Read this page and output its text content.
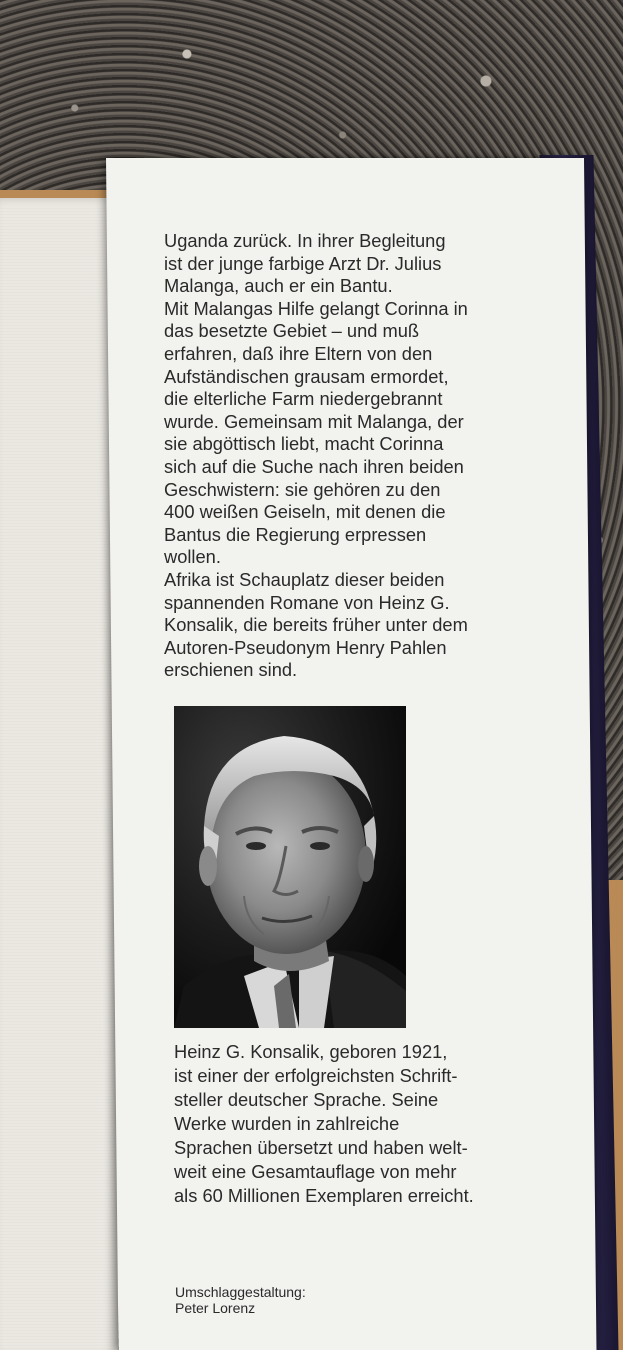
Uganda zurück. In ihrer Begleitung
ist der junge farbige Arzt Dr. Julius
Malanga, auch er ein Bantu.

Mit Malangas Hilfe gelangt Corinna in
das besetzte Gebiet – und muß
erfahren, daß ihre Eltern von den
Aufständischen grausam ermordet,
die elterliche Farm niedergebrannt
wurde. Gemeinsam mit Malanga, der
sie abgöttisch liebt, macht Corinna
sich auf die Suche nach ihren beiden
Geschwistern: sie gehören zu den
400 weißen Geiseln, mit denen die
Bantus die Regierung erpressen
wollen.

Afrika ist Schauplatz dieser beiden
spannenden Romane von Heinz G.
Konsalik, die bereits früher unter dem
Autoren-Pseudonym Henry Pahlen
erschienen sind.

Heinz G. Konsalik, geboren 1921,
ist einer der erfolgreichsten Schrift-
steller deutscher Sprache. Seine
Werke wurden in zahlreiche
Sprachen übersetzt und haben welt-
weit eine Gesamtauflage von mehr
als 60 Millionen Exemplaren erreicht.

Umschlaggestaltung:
Peter Lorenz
